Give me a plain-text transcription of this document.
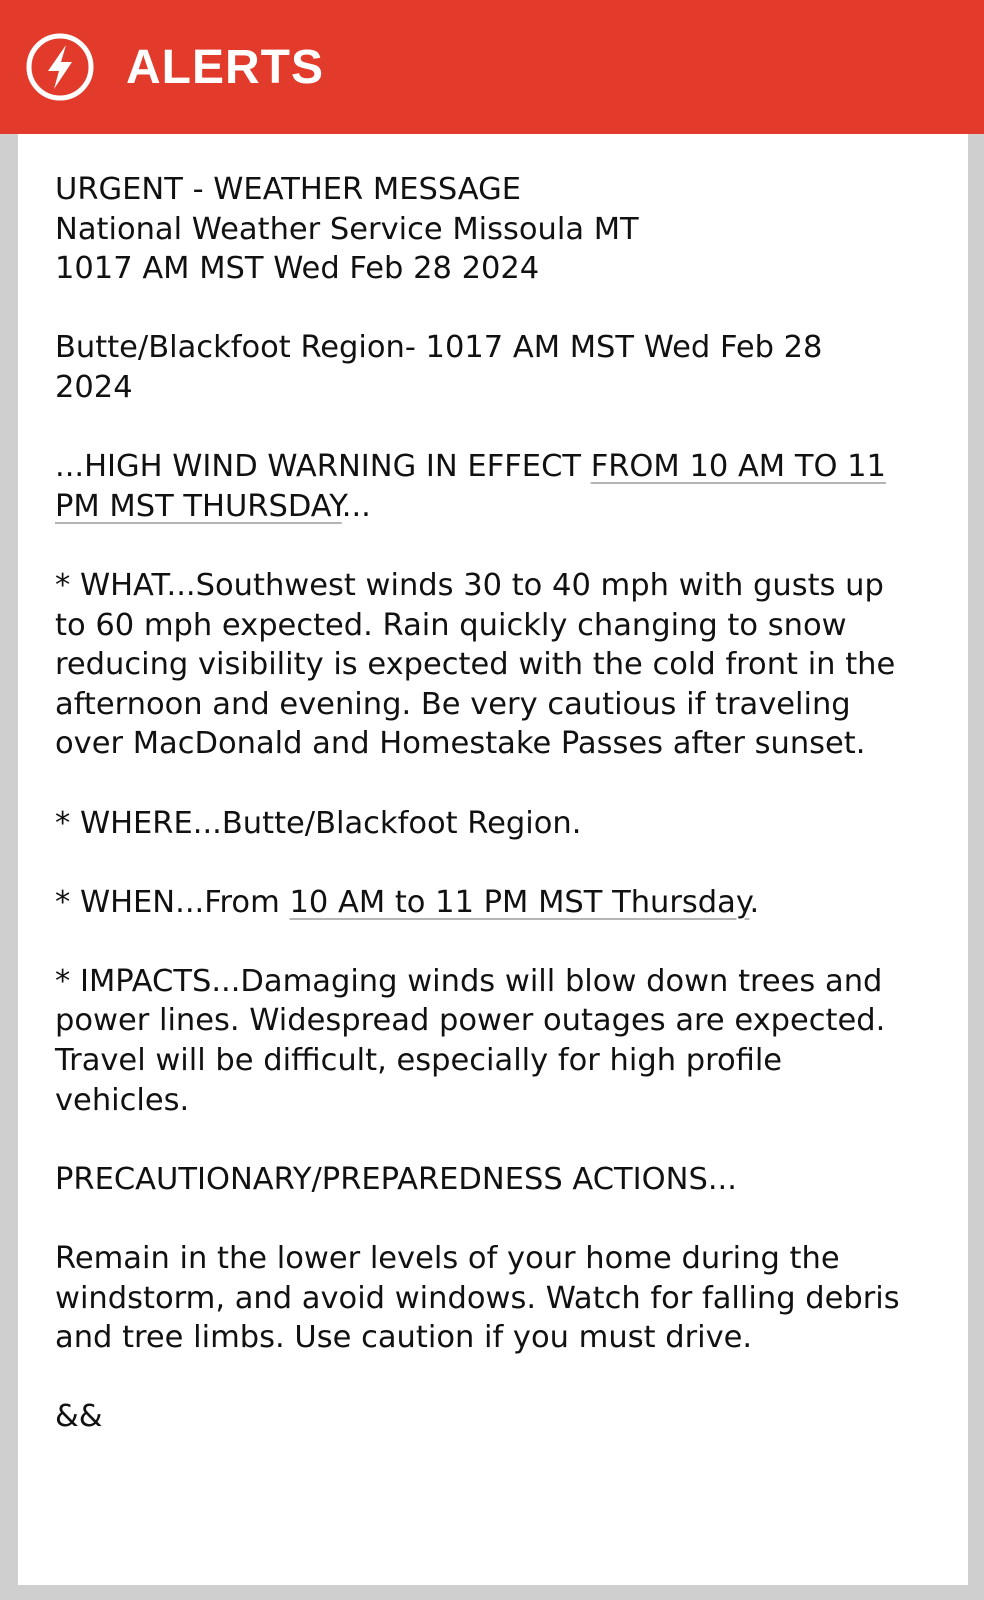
ALERTS
URGENT - WEATHER MESSAGE
National Weather Service Missoula MT
1017 AM MST Wed Feb 28 2024
Butte/Blackfoot Region- 1017 AM MST Wed Feb 28
2024
...HIGH WIND WARNING IN EFFECT FROM 10 AM TO 11
PM MST THURSDAY...
* WHAT...Southwest winds 30 to 40 mph with gusts up
to 60 mph expected. Rain quickly changing to snow
reducing visibility is expected with the cold front in the
afternoon and evening. Be very cautious if traveling
over MacDonald and Homestake Passes after sunset.
* WHERE...Butte/Blackfoot Region.
* WHEN...From 10 AM to 11 PM MST Thursday.
* IMPACTS...Damaging winds will blow down trees and
power lines. Widespread power outages are expected.
Travel will be difficult, especially for high profile
vehicles.
PRECAUTIONARY/PREPAREDNESS ACTIONS...
Remain in the lower levels of your home during the
windstorm, and avoid windows. Watch for falling debris
and tree limbs. Use caution if you must drive.
&&
